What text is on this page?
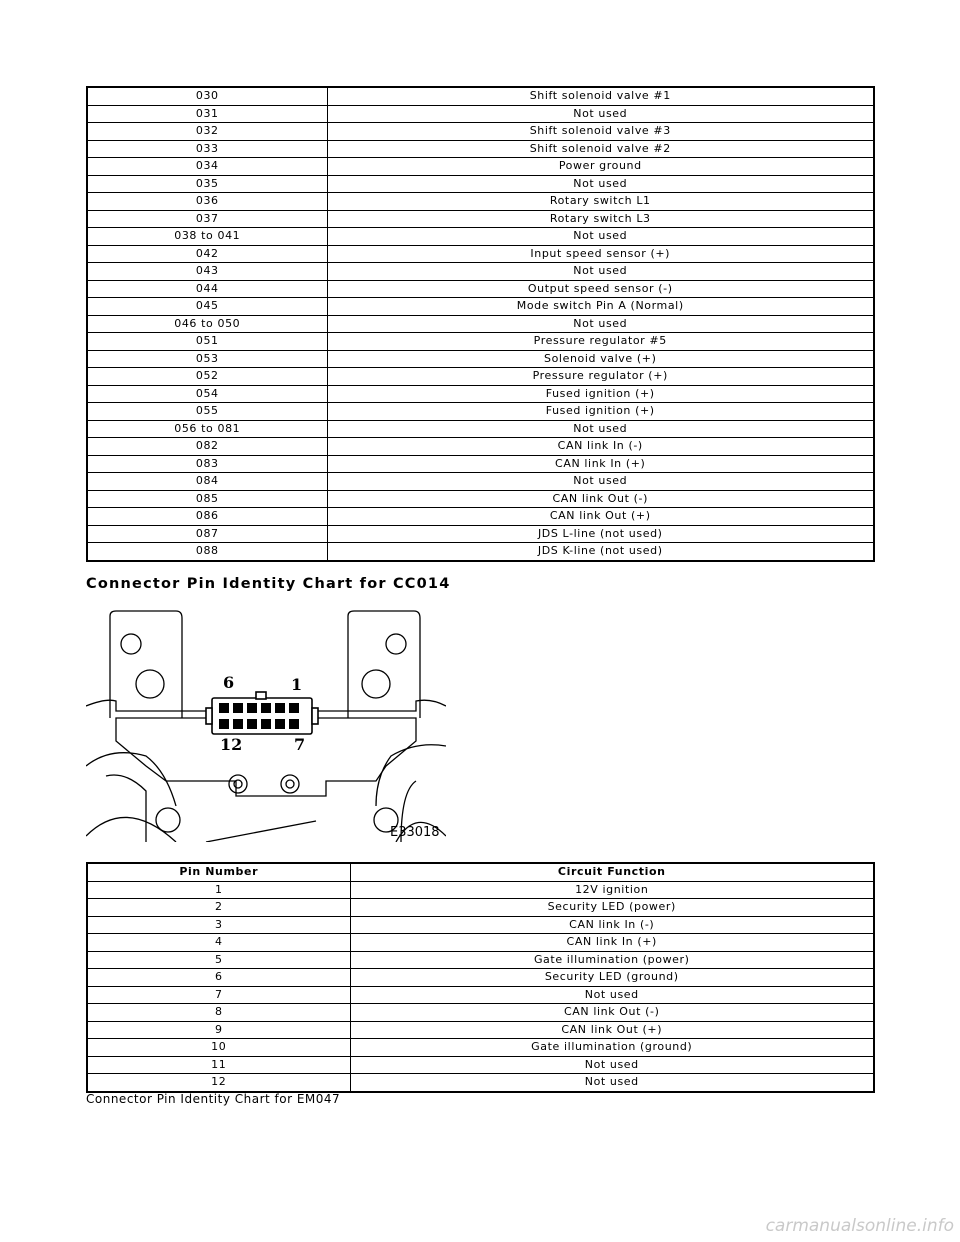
030	Shift solenoid valve #1
031	Not used
032	Shift solenoid valve #3
033	Shift solenoid valve #2
034	Power ground
035	Not used
036	Rotary switch L1
037	Rotary switch L3
038 to 041	Not used
042	Input speed sensor (+)
043	Not used
044	Output speed sensor (-)
045	Mode switch Pin A (Normal)
046 to 050	Not used
051	Pressure regulator #5
053	Solenoid valve (+)
052	Pressure regulator (+)
054	Fused ignition (+)
055	Fused ignition (+)
056 to 081	Not used
082	CAN link In (-)
083	CAN link In (+)
084	Not used
085	CAN link Out (-)
086	CAN link Out (+)
087	JDS L-line (not used)
088	JDS K-line (not used)
Connector Pin Identity Chart for CC014
6	1
12	7
E33018
Pin Number	Circuit Function
1	12V ignition
2	Security LED (power)
3	CAN link In (-)
4	CAN link In (+)
5	Gate illumination (power)
6	Security LED (ground)
7	Not used
8	CAN link Out (-)
9	CAN link Out (+)
10	Gate illumination (ground)
11	Not used
12	Not used
Connector Pin Identity Chart for EM047
carmanualsonline.info
